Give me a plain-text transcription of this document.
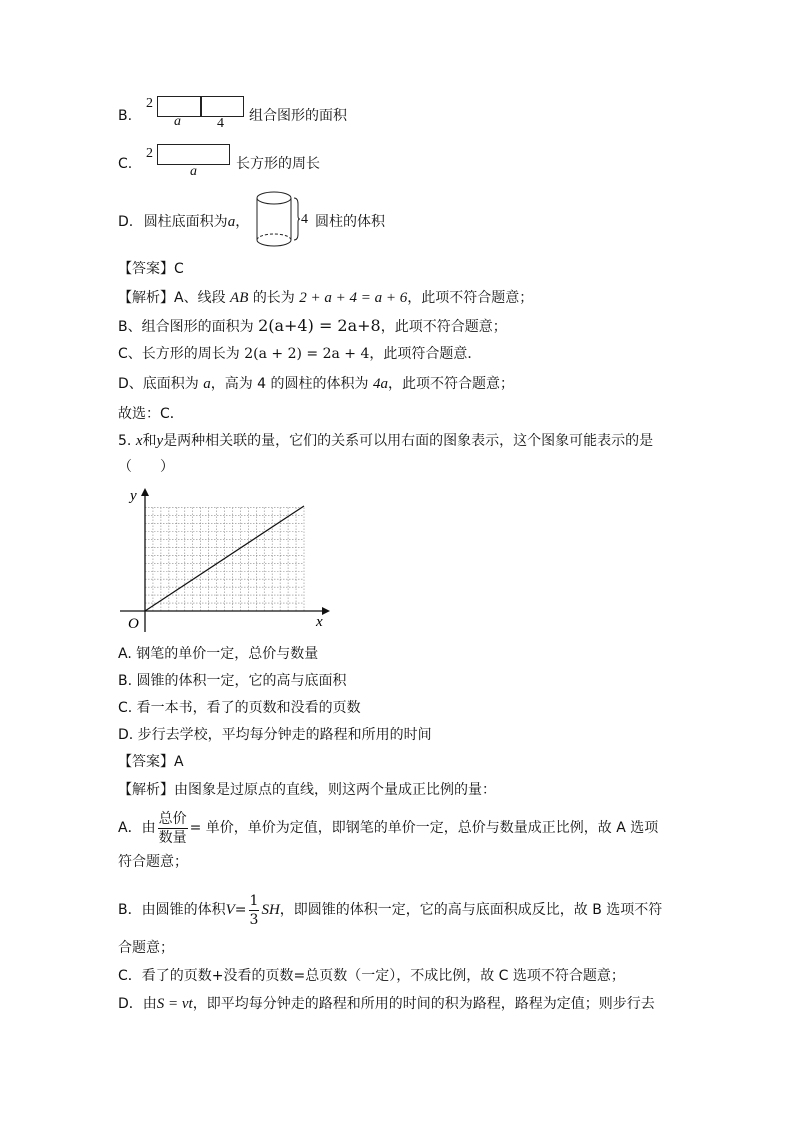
B.
2
a	4 组合图形的面积
C.
2
a	长方形的周长
D. 圆柱底面积为a，	4 圆柱的体积
【答案】C
【解析】A、线段 AB 的长为 2 + a + 4 = a + 6，此项不符合题意；
B、组合图形的面积为 2(a+4) = 2a+8，此项不符合题意；
C、长方形的周长为 2(a + 2) = 2a + 4，此项符合题意．
D、底面积为 a，高为 4 的圆柱的体积为 4a，此项不符合题意；
故选：C．
5. x和y是两种相关联的量，它们的关系可以用右面的图象表示，这个图象可能表示的是
（　　）
y
x
O
A. 钢笔的单价一定，总价与数量
B. 圆锥的体积一定，它的高与底面积
C. 看一本书，看了的页数和没看的页数
D. 步行去学校，平均每分钟走的路程和所用的时间
【答案】A
【解析】由图象是过原点的直线，则这两个量成正比例的量：
A．由 $\frac{\text{总价}}{\text{数量}}$ = 单价，单价为定值，即钢笔的单价一定，总价与数量成正比例，故 A 选项
符合题意；
B．由圆锥的体积$V= \frac{1}{3}$ SH，即圆锥的体积一定，它的高与底面积成反比，故 B 选项不符
合题意；
C．看了的页数+没看的页数=总页数（一定），不成比例，故 C 选项不符合题意；
D．由S = vt，即平均每分钟走的路程和所用的时间的积为路程，路程为定值；则步行去
